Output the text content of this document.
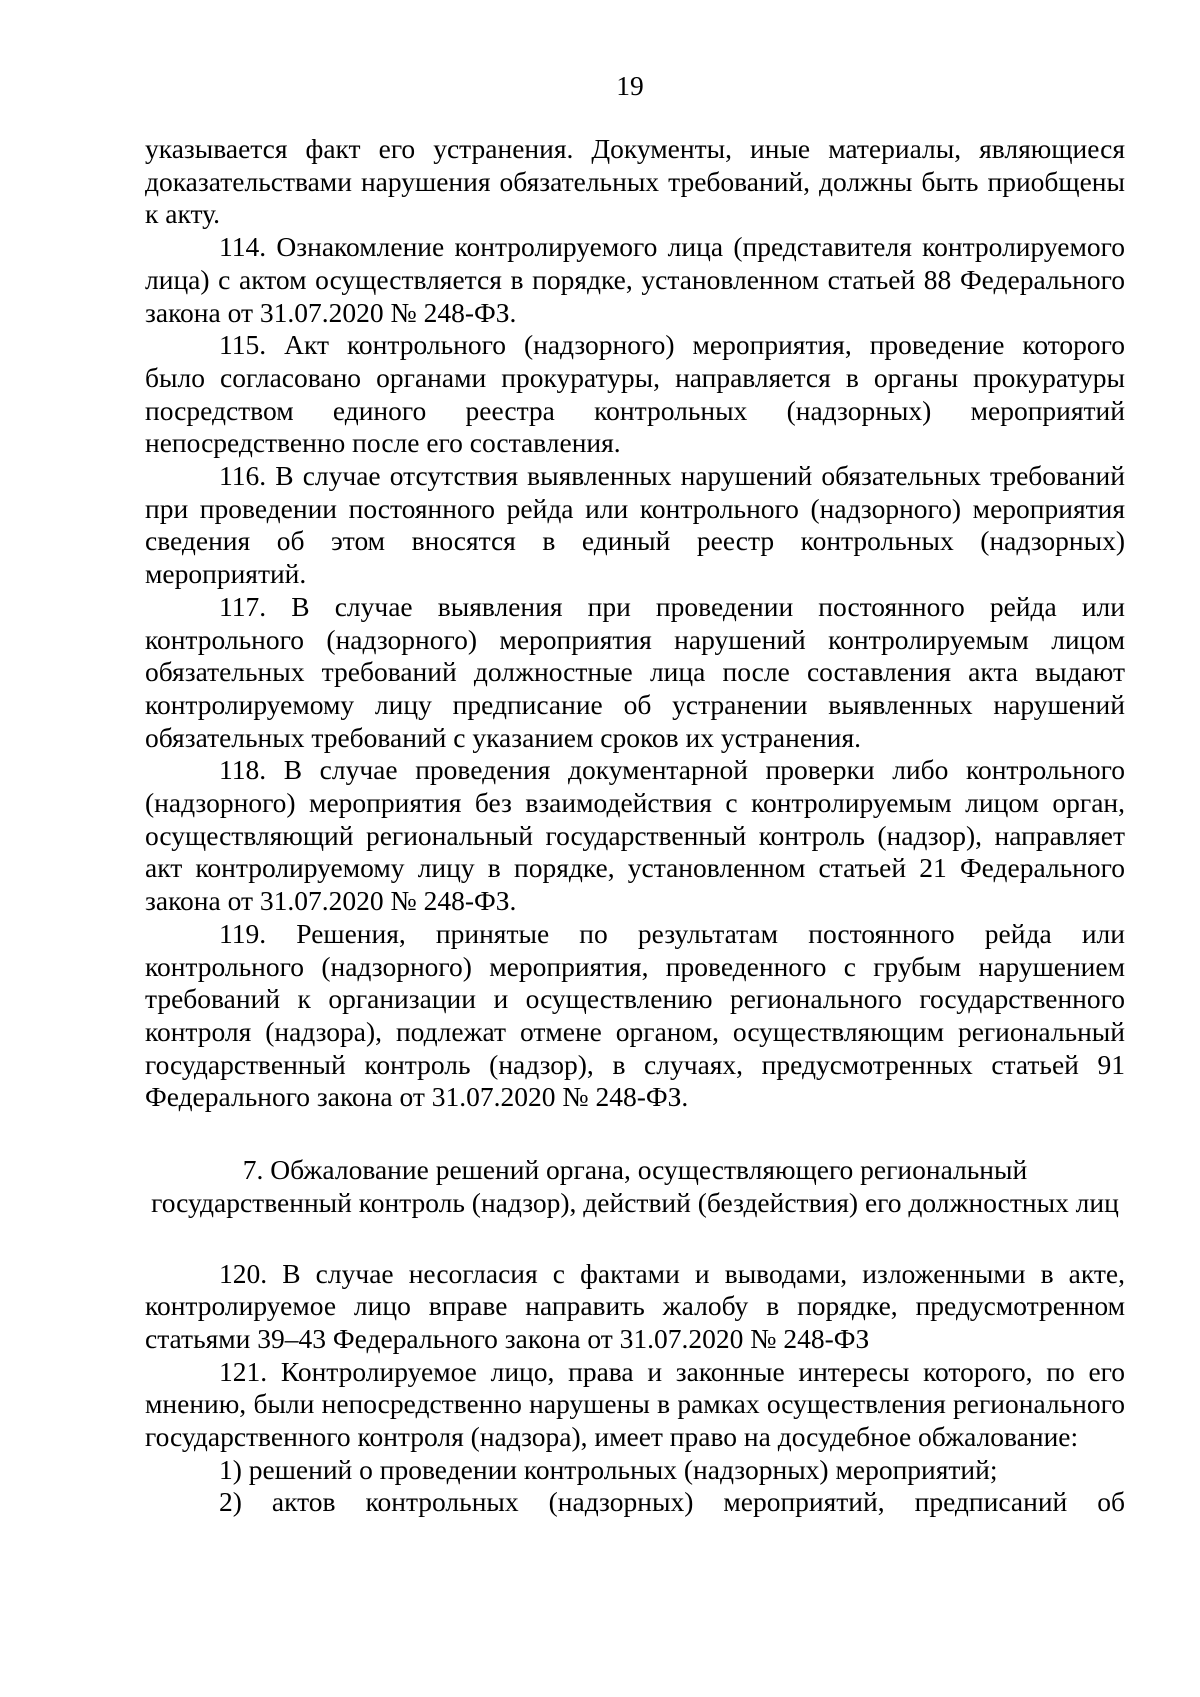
19

указывается факт его устранения. Документы, иные материалы, являющиеся доказательствами нарушения обязательных требований, должны быть приобщены к акту.

114. Ознакомление контролируемого лица (представителя контролируемого лица) с актом осуществляется в порядке, установленном статьей 88 Федерального закона от 31.07.2020 № 248-ФЗ.

115. Акт контрольного (надзорного) мероприятия, проведение которого было согласовано органами прокуратуры, направляется в органы прокуратуры посредством единого реестра контрольных (надзорных) мероприятий непосредственно после его составления.

116. В случае отсутствия выявленных нарушений обязательных требований при проведении постоянного рейда или контрольного (надзорного) мероприятия сведения об этом вносятся в единый реестр контрольных (надзорных) мероприятий.

117. В случае выявления при проведении постоянного рейда или контрольного (надзорного) мероприятия нарушений контролируемым лицом обязательных требований должностные лица после составления акта выдают контролируемому лицу предписание об устранении выявленных нарушений обязательных требований с указанием сроков их устранения.

118. В случае проведения документарной проверки либо контрольного (надзорного) мероприятия без взаимодействия с контролируемым лицом орган, осуществляющий региональный государственный контроль (надзор), направляет акт контролируемому лицу в порядке, установленном статьей 21 Федерального закона от 31.07.2020 № 248-ФЗ.

119. Решения, принятые по результатам постоянного рейда или контрольного (надзорного) мероприятия, проведенного с грубым нарушением требований к организации и осуществлению регионального государственного контроля (надзора), подлежат отмене органом, осуществляющим региональный государственный контроль (надзор), в случаях, предусмотренных статьей 91 Федерального закона от 31.07.2020 № 248-ФЗ.

7. Обжалование решений органа, осуществляющего региональный государственный контроль (надзор), действий (бездействия) его должностных лиц

120. В случае несогласия с фактами и выводами, изложенными в акте, контролируемое лицо вправе направить жалобу в порядке, предусмотренном статьями 39–43 Федерального закона от 31.07.2020 № 248-ФЗ

121. Контролируемое лицо, права и законные интересы которого, по его мнению, были непосредственно нарушены в рамках осуществления регионального государственного контроля (надзора), имеет право на досудебное обжалование:

1) решений о проведении контрольных (надзорных) мероприятий;

2) актов контрольных (надзорных) мероприятий, предписаний об
